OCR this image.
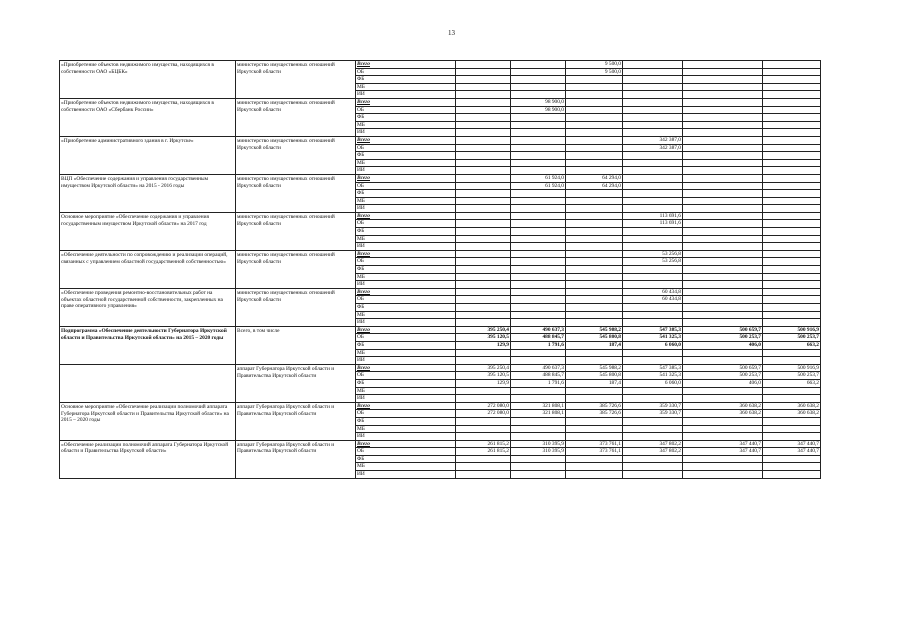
13
«Приобретение объектов недвижимого имущества, находящихся в собственности ОАО «БЦБК»	министерство имущественных отношений Иркутской области	Всего			9 500,0				
		ОБ			9 500,0				
		ФБ							
		МБ							
		ИИ							
«Приобретение объектов недвижимого имущества, находящихся в собственности ОАО «Сбербанк России»	министерство имущественных отношений Иркутской области	Всего		98 900,0					
		ОБ		98 900,0					
		ФБ							
		МБ							
		ИИ							
«Приобретение административного здания в г. Иркутске»	министерство имущественных отношений Иркутской области	Всего				342 387,0			
		ОБ				342 387,0			
		ФБ							
		МБ							
		ИИ							
ВЦП «Обеспечение содержания и управления государственным имуществом Иркутской области» на 2015 - 2016 годы	министерство имущественных отношений Иркутской области	Всего		61 924,0	64 294,0				
		ОБ		61 924,0	64 294,0				
		ФБ							
		МБ							
		ИИ							
Основное мероприятие «Обеспечение содержания и управления государственным имуществом Иркутской области» на 2017 год	министерство имущественных отношений Иркутской области	Всего				113 691,6			
		ОБ				113 691,6			
		ФБ							
		МБ							
		ИИ							
«Обеспечение деятельности по сопровождению и реализации операций, связанных с управлением областной государственной собственностью»	министерство имущественных отношений Иркутской области	Всего				53 256,8			
		ОБ				53 256,8			
		ФБ							
		МБ							
		ИИ							
«Обеспечение проведения ремонтно-восстановительных работ на объектах областной государственной собственности, закрепленных на праве оперативного управления»	министерство имущественных отношений Иркутской области	Всего				60 434,8			
		ОБ				60 434,8			
		ФБ							
		МБ							
		ИИ							
Подпрограмма «Обеспечение деятельности Губернатора Иркутской области и Правительства Иркутской области» на 2015 – 2020 годы	Всего, в том числе	Всего	395 250,4	490 637,3	545 988,2	547 385,3	500 659,7	500 916,9	
		ОБ	395 120,5	488 845,7	545 800,8	541 325,3	500 253,7	500 253,7	
		ФБ	129,9	1 791,6	187,4	6 060,0	406,0	663,2	
		МБ							
		ИИ							
	аппарат Губернатора Иркутской области и Правительства Иркутской области	Всего	395 250,4	490 637,3	545 988,2	547 385,3	500 659,7	500 916,9	
		ОБ	395 120,5	488 845,7	545 800,8	541 325,3	500 253,7	500 253,7	
		ФБ	129,9	1 791,6	187,4	6 060,0	406,0	663,2	
		МБ							
		ИИ							
Основное мероприятие «Обеспечение реализации полномочий аппарата Губернатора Иркутской области и Правительства Иркутской области» на 2015 – 2020 годы	аппарат Губернатора Иркутской области и Правительства Иркутской области	Всего	272 080,0	321 808,1	385 726,6	359 330,7	360 638,2	360 638,2	
		ОБ	272 080,0	321 808,1	385 726,6	359 330,7	360 638,2	360 638,2	
		ФБ							
		МБ							
		ИИ							
«Обеспечение реализации полномочий аппарата Губернатора Иркутской области и Правительства Иркутской области»	аппарат Губернатора Иркутской области и Правительства Иркутской области	Всего	261 815,2	310 395,9	373 761,1	347 802,2	347 440,7	347 440,7	
		ОБ	261 815,2	310 395,9	373 761,1	347 802,2	347 440,7	347 440,7	
		ФБ							
		МБ							
		ИИ							
